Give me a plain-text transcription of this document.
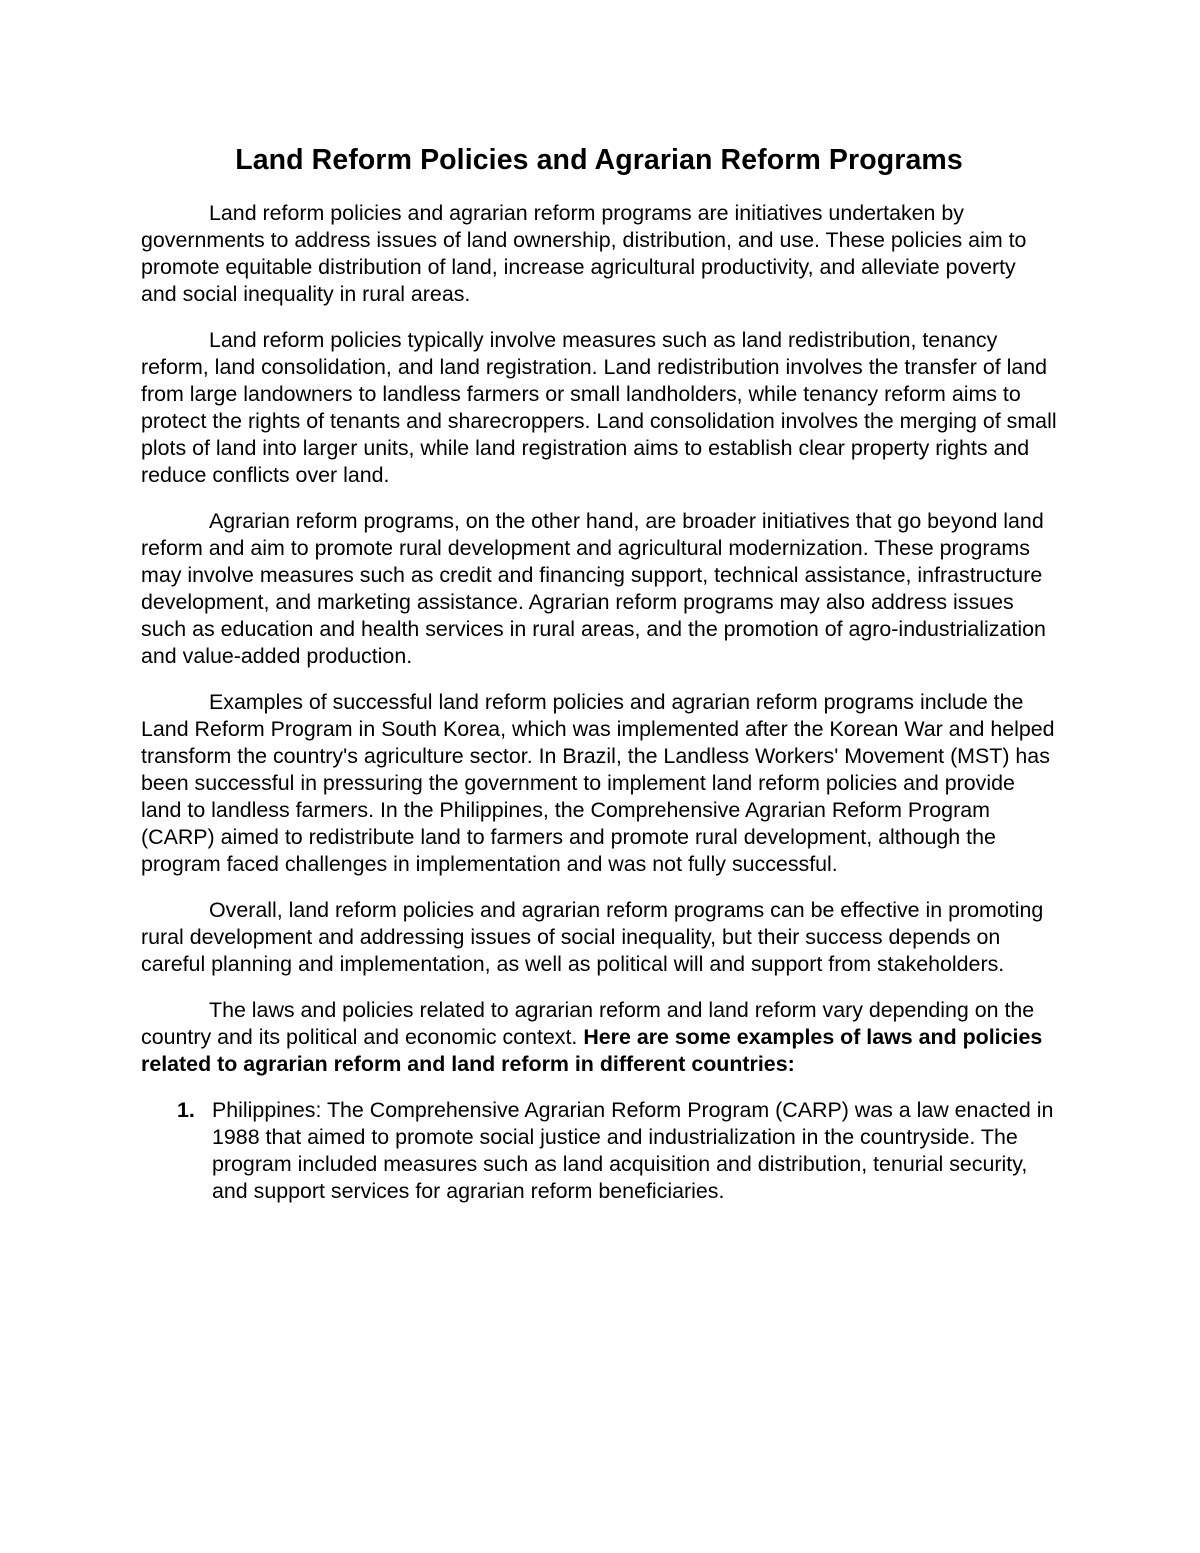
Land Reform Policies and Agrarian Reform Programs

Land reform policies and agrarian reform programs are initiatives undertaken by governments to address issues of land ownership, distribution, and use. These policies aim to promote equitable distribution of land, increase agricultural productivity, and alleviate poverty and social inequality in rural areas.

Land reform policies typically involve measures such as land redistribution, tenancy reform, land consolidation, and land registration. Land redistribution involves the transfer of land from large landowners to landless farmers or small landholders, while tenancy reform aims to protect the rights of tenants and sharecroppers. Land consolidation involves the merging of small plots of land into larger units, while land registration aims to establish clear property rights and reduce conflicts over land.

Agrarian reform programs, on the other hand, are broader initiatives that go beyond land reform and aim to promote rural development and agricultural modernization. These programs may involve measures such as credit and financing support, technical assistance, infrastructure development, and marketing assistance. Agrarian reform programs may also address issues such as education and health services in rural areas, and the promotion of agro-industrialization and value-added production.

Examples of successful land reform policies and agrarian reform programs include the Land Reform Program in South Korea, which was implemented after the Korean War and helped transform the country's agriculture sector. In Brazil, the Landless Workers' Movement (MST) has been successful in pressuring the government to implement land reform policies and provide land to landless farmers. In the Philippines, the Comprehensive Agrarian Reform Program (CARP) aimed to redistribute land to farmers and promote rural development, although the program faced challenges in implementation and was not fully successful.

Overall, land reform policies and agrarian reform programs can be effective in promoting rural development and addressing issues of social inequality, but their success depends on careful planning and implementation, as well as political will and support from stakeholders.

The laws and policies related to agrarian reform and land reform vary depending on the country and its political and economic context. Here are some examples of laws and policies related to agrarian reform and land reform in different countries:

1. Philippines: The Comprehensive Agrarian Reform Program (CARP) was a law enacted in 1988 that aimed to promote social justice and industrialization in the countryside. The program included measures such as land acquisition and distribution, tenurial security, and support services for agrarian reform beneficiaries.
